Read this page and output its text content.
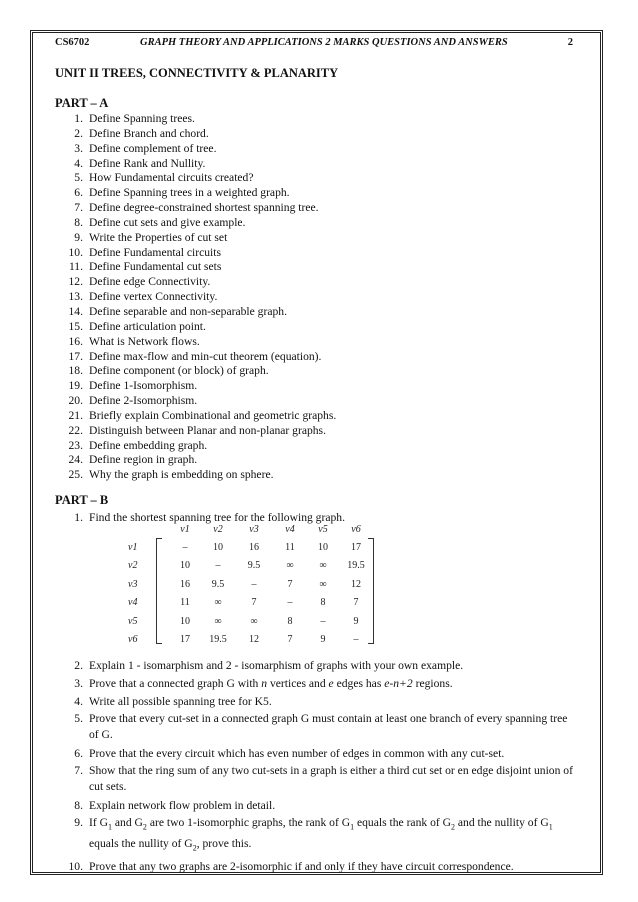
CS6702	GRAPH THEORY AND APPLICATIONS 2 MARKS QUESTIONS AND ANSWERS	2
UNIT II TREES, CONNECTIVITY & PLANARITY
PART – A
1. Define Spanning trees.
2. Define Branch and chord.
3. Define complement of tree.
4. Define Rank and Nullity.
5. How Fundamental circuits created?
6. Define Spanning trees in a weighted graph.
7. Define degree-constrained shortest spanning tree.
8. Define cut sets and give example.
9. Write the Properties of cut set
10. Define Fundamental circuits
11. Define Fundamental cut sets
12. Define edge Connectivity.
13. Define vertex Connectivity.
14. Define separable and non-separable graph.
15. Define articulation point.
16. What is Network flows.
17. Define max-flow and min-cut theorem (equation).
18. Define component (or block) of graph.
19. Define 1-Isomorphism.
20. Define 2-Isomorphism.
21. Briefly explain Combinational and geometric graphs.
22. Distinguish between Planar and non-planar graphs.
23. Define embedding graph.
24. Define region in graph.
25. Why the graph is embedding on sphere.
PART – B
1. Find the shortest spanning tree for the following graph.
v1	v2	v3	v4	v5	v6
v1	–	10	16	11	10	17
v2	10	–	9.5	∞	∞	19.5
v3	16	9.5	–	7	∞	12
v4	11	∞	7	–	8	7
v5	10	∞	∞	8	–	9
v6	17	19.5	12	7	9	–
2. Explain 1 - isomarphism and 2 - isomarphism of graphs with your own example.
3. Prove that a connected graph G with n vertices and e edges has e-n+2 regions.
4. Write all possible spanning tree for K5.
5. Prove that every cut-set in a connected graph G must contain at least one branch of every spanning tree of G.
6. Prove that the every circuit which has even number of edges in common with any cut-set.
7. Show that the ring sum of any two cut-sets in a graph is either a third cut set or en edge disjoint union of cut sets.
8. Explain network flow problem in detail.
9. If $G_1$ and $G_2$ are two 1-isomorphic graphs, the rank of $G_1$ equals the rank of $G_2$ and the nullity of $G_1$ equals the nullity of $G_2$, prove this.
10. Prove that any two graphs are 2-isomorphic if and only if they have circuit correspondence.
